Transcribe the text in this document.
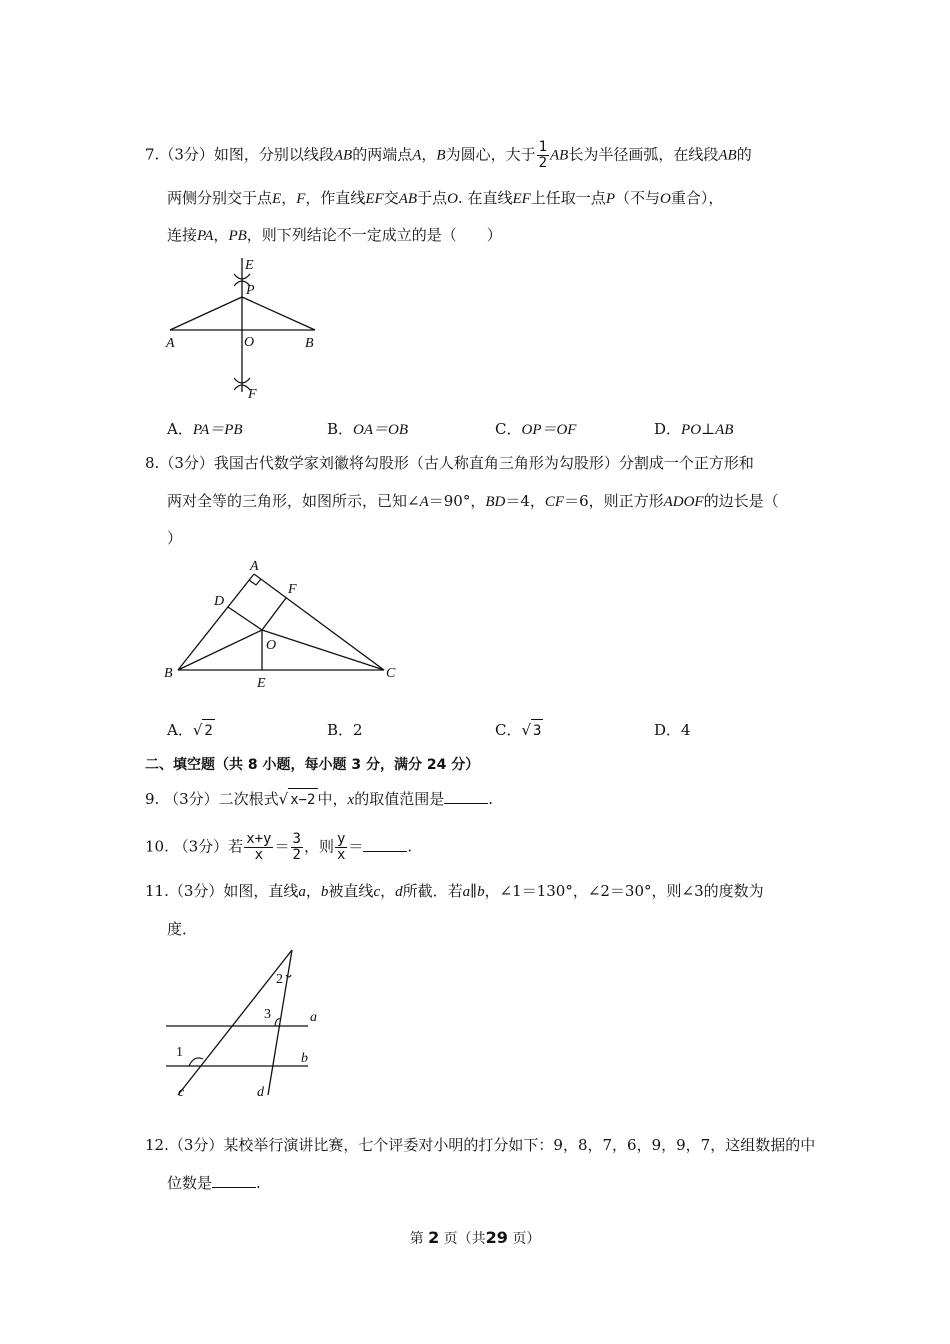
7.（3分）如图，分别以线段AB的两端点A，B为圆心，大于 $\frac{1}{2}$ AB长为半径画弧，在线段AB的
两侧分别交于点E，F，作直线EF交AB于点O. 在直线EF上任取一点P（不与O重合），
连接PA，PB，则下列结论不一定成立的是（　　）
E
P
A	O	B
F
A．PA＝PB	B．OA＝OB	C．OP＝OF	D．PO⊥AB
8.（3分）我国古代数学家刘徽将勾股形（古人称直角三角形为勾股形）分割成一个正方形和
两对全等的三角形，如图所示，已知∠A＝90°，BD＝4，CF＝6，则正方形ADOF的边长是（
）
A
F
D
O
B
E
C
A．√ 2	B．2	C．√ 3	D．4
二、填空题（共 8 小题，每小题 3 分，满分 24 分）
9. （3分）二次根式√ x−2 中，x的取值范围是	.
10. （3分）若 $\frac{x+y}{x} = \frac{3}{2}$ ，则 $\frac{y}{x}$ ＝	.
11.（3分）如图，直线a，b被直线c，d所截．若a∥b，∠1＝130°，∠2＝30°，则∠3的度数为
度．
1
2
3	a
b
c	d
12.（3分）某校举行演讲比赛，七个评委对小明的打分如下：9，8，7，6，9，9，7，这组数据的中
位数是	.
第 2 页（共29 页）
